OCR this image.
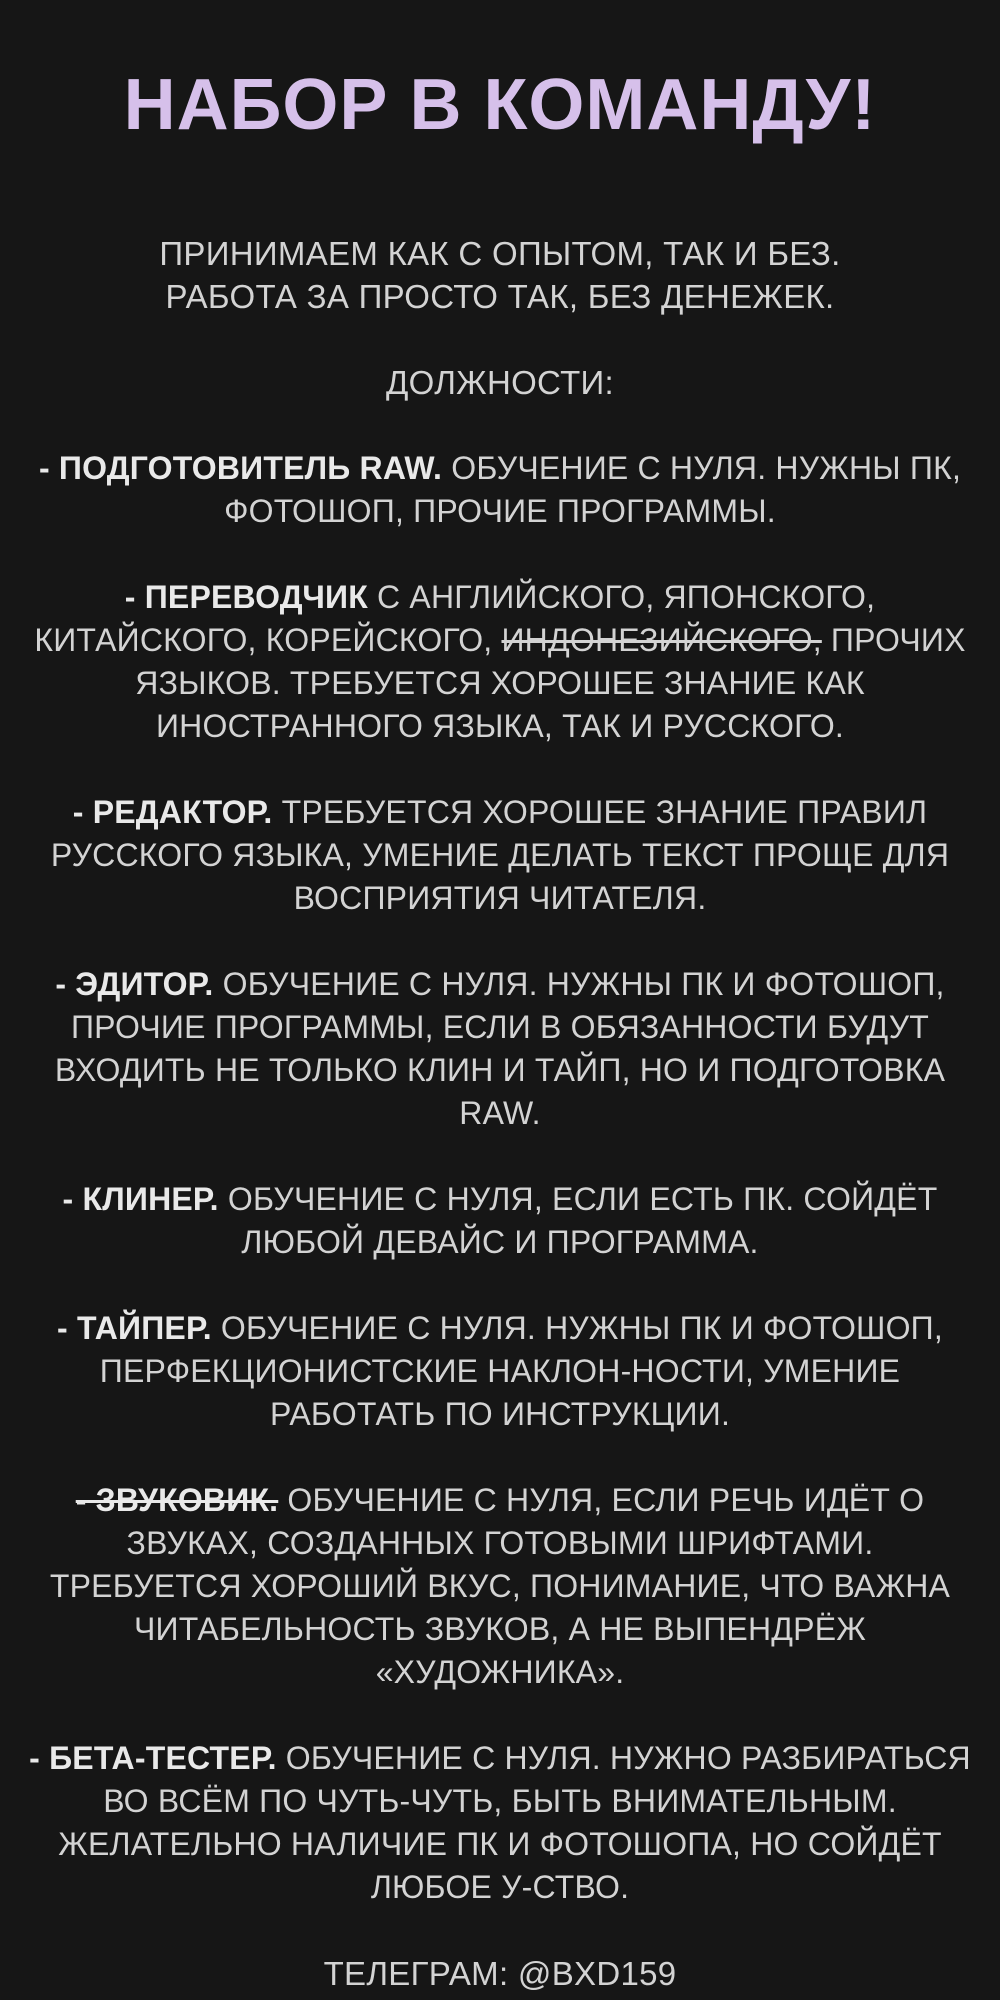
НАБОР В КОМАНДУ!

ПРИНИМАЕМ КАК С ОПЫТОМ, ТАК И БЕЗ.

РАБОТА ЗА ПРОСТО ТАК, БЕЗ ДЕНЕЖЕК.

ДОЛЖНОСТИ:
- ПОДГОТОВИТЕЛЬ RAW. ОБУЧЕНИЕ С НУЛЯ. НУЖНЫ ПК, ФОТОШОП, ПРОЧИЕ ПРОГРАММЫ.
- ПЕРЕВОДЧИК С АНГЛИЙСКОГО, ЯПОНСКОГО, КИТАЙСКОГО, КОРЕЙСКОГО, ИНДОНЕЗИЙСКОГО, ПРОЧИХ ЯЗЫКОВ. ТРЕБУЕТСЯ ХОРОШЕЕ ЗНАНИЕ КАК ИНОСТРАННОГО ЯЗЫКА, ТАК И РУССКОГО.
- РЕДАКТОР. ТРЕБУЕТСЯ ХОРОШЕЕ ЗНАНИЕ ПРАВИЛ РУССКОГО ЯЗЫКА, УМЕНИЕ ДЕЛАТЬ ТЕКСТ ПРОЩЕ ДЛЯ ВОСПРИЯТИЯ ЧИТАТЕЛЯ.
- ЭДИТОР. ОБУЧЕНИЕ С НУЛЯ. НУЖНЫ ПК И ФОТОШОП, ПРОЧИЕ ПРОГРАММЫ, ЕСЛИ В ОБЯЗАННОСТИ БУДУТ ВХОДИТЬ НЕ ТОЛЬКО КЛИН И ТАЙП, НО И ПОДГОТОВКА RAW.
- КЛИНЕР. ОБУЧЕНИЕ С НУЛЯ, ЕСЛИ ЕСТЬ ПК. СОЙДЁТ ЛЮБОЙ ДЕВАЙС И ПРОГРАММА.
- ТАЙПЕР. ОБУЧЕНИЕ С НУЛЯ. НУЖНЫ ПК И ФОТОШОП, ПЕРФЕКЦИОНИСТСКИЕ НАКЛОН-НОСТИ, УМЕНИЕ РАБОТАТЬ ПО ИНСТРУКЦИИ.
- ЗВУКОВИК. ОБУЧЕНИЕ С НУЛЯ, ЕСЛИ РЕЧЬ ИДЁТ О ЗВУКАХ, СОЗДАННЫХ ГОТОВЫМИ ШРИФТАМИ. ТРЕБУЕТСЯ ХОРОШИЙ ВКУС, ПОНИМАНИЕ, ЧТО ВАЖНА ЧИТАБЕЛЬНОСТЬ ЗВУКОВ, А НЕ ВЫПЕНДРЁЖ «ХУДОЖНИКА».
- БЕТА-ТЕСТЕР. ОБУЧЕНИЕ С НУЛЯ. НУЖНО РАЗБИРАТЬСЯ ВО ВСЁМ ПО ЧУТЬ-ЧУТЬ, БЫТЬ ВНИМАТЕЛЬНЫМ. ЖЕЛАТЕЛЬНО НАЛИЧИЕ ПК И ФОТОШОПА, НО СОЙДЁТ ЛЮБОЕ У-СТВО.
ТЕЛЕГРАМ: @BXD159
